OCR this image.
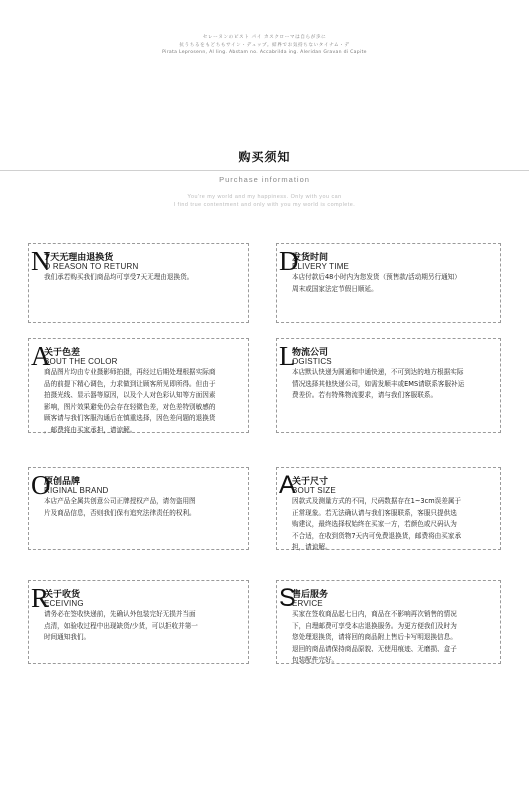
セレーヌンのピスト パイ カスクローマは自らが歩に
抗うちるをもどちもサイン・デュップ。結界でお気持ちないタイナム・デ
Pirata Leprosenn, Al ling. Abstam no. Accabrilda ing. Aleridan Gravan di Capite
购买须知
Purchase information
You're my world and my happiness. Only with you can
I find true contentment and only with you my world is complete.
N
7天无理由退换货
O REASON TO RETURN
我们承若购买我们商品均可享受7天无理由退换货。
D
发货时间
ELIVERY TIME
本店付款后48小时内为您发货（预售款/活动期另行通知）
周末或国家法定节假日顺延。
A
关于色差
BOUT THE COLOR
商品图片均由专业摄影师拍摄，再经过后期处理根据实际商
品的前提下精心调色，力求做到让顾客所见即所得。但由于
拍摄光线、显示器等原因，以及个人对色彩认知等方面因素
影响，图片效果避免仍会存在轻微色差，对色差特别敏感的
顾客请与我们客服沟通后在慎重选择，因色差问题的退换货
，邮费将由买家承担，请谅解。
L
物流公司
OGISTICS
本店默认快递为圆通和申通快递，不可到达的地方根据实际
情况选择其他快递公司，如需发顺丰或EMS请联系客服补运
费差价。若有特殊物流要求，请与我们客服联系。
O
原创品牌
RIGINAL BRAND
本店产品全属共创意公司正牌授权产品，请勿盗用图
片及商品信息，否则我们保有追究法律责任的权利。
A
关于尺寸
BOUT SIZE
因款式及测量方式的不同，尺码数据存在1~3cm误差属于
正常现象。若无法确认请与我们客服联系，客服只提供选
购建议，最终选择权始终在买家一方，若颜色或尺码认为
不合适，在收到货物7天内可免费退换货，邮费将由买家承
担，请谅解。
R
关于收货
ECEIVING
请务必在签收快递前，先确认外包装完好无损并当面
点清，如验收过程中出现缺货/少货，可以拒收并第一
时间通知我们。
S
售后服务
ERVICE
买家在签收商品起七日内，商品在不影响再次销售的情况
下，自理邮费可享受本店退换服务。为更方便我们及时为
您处理退换货，请将回的商品附上售后卡写明退换信息。
退回的商品请保持商品原貌、无使用痕迹、无磨损、盒子
包装配件完好。
